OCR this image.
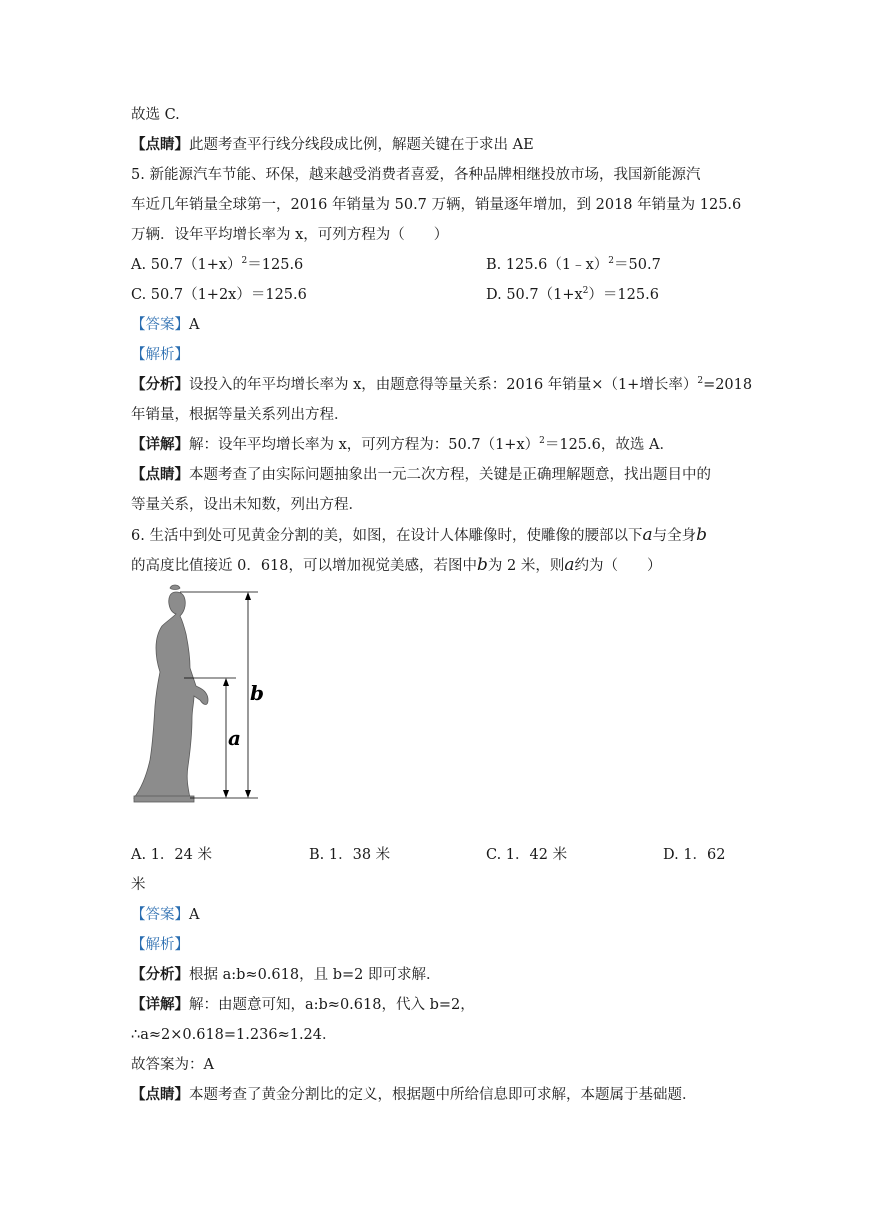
故选 C.
【点睛】此题考查平行线分线段成比例，解题关键在于求出 AE
5. 新能源汽车节能、环保，越来越受消费者喜爱，各种品牌相继投放市场，我国新能源汽
车近几年销量全球第一，2016 年销量为 50.7 万辆，销量逐年增加，到 2018 年销量为 125.6
万辆．设年平均增长率为 x，可列方程为（　　）
A. $50.7(1+x)^2=125.6$	B. 125.6（1﹣x）$^2$＝50.7
C. 50.7（1+2x）＝125.6	D. $50.7(1+x^2)=125.6$
【答案】A
【解析】
【分析】设投入的年平均增长率为 x，由题意得等量关系：2016 年销量×（1+增长率）$^2$=2018
年销量，根据等量关系列出方程．
【详解】解：设年平均增长率为 x，可列方程为：$50.7(1+x)^2=125.6$，故选 A．
【点睛】本题考查了由实际问题抽象出一元二次方程，关键是正确理解题意，找出题目中的
等量关系，设出未知数，列出方程．
6. 生活中到处可见黄金分割的美，如图，在设计人体雕像时，使雕像的腰部以下a与全身b
的高度比值接近 0．618，可以增加视觉美感，若图中b为 2 米，则a约为（　　）
b
a
A. 1．24 米	B. 1．38 米	C. 1．42 米	D. 1．62
米
【答案】A
【解析】
【分析】根据 a:b≈0.618，且 b=2 即可求解．
【详解】解：由题意可知，a:b≈0.618，代入 b=2，
∴a≈2×0.618=1.236≈1.24．
故答案为：A
【点睛】本题考查了黄金分割比的定义，根据题中所给信息即可求解，本题属于基础题．
